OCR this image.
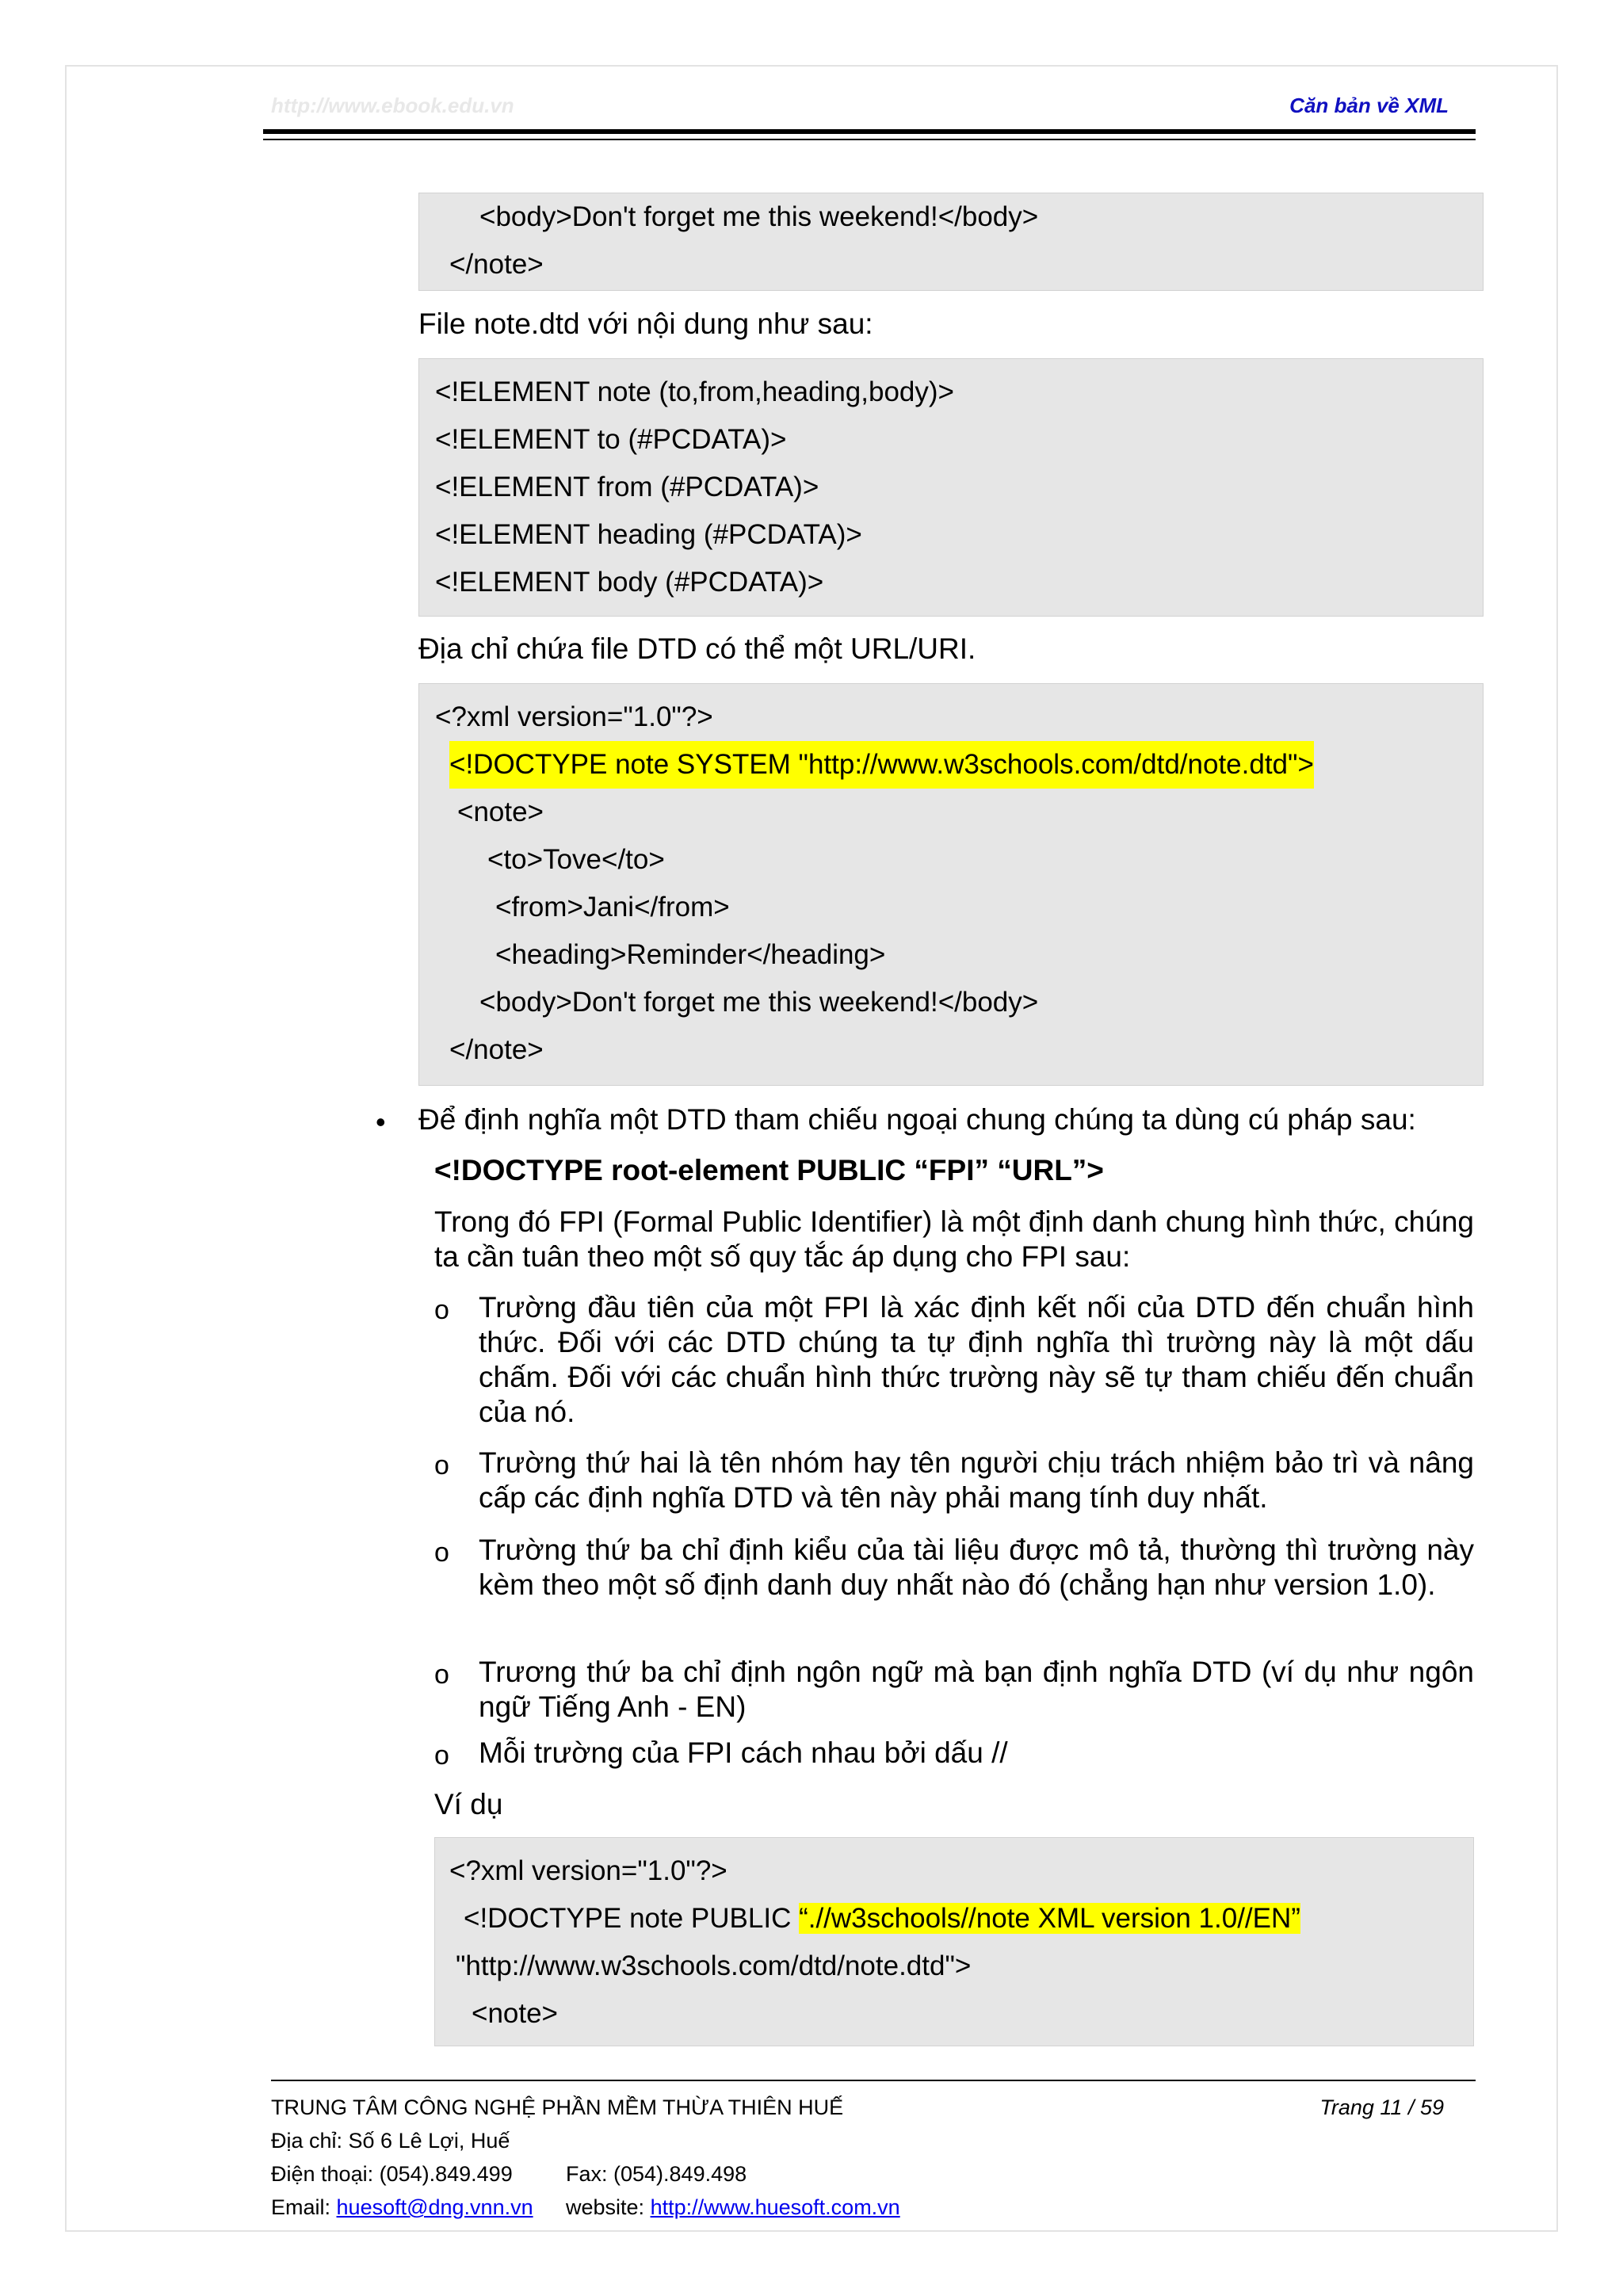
http://www.ebook.edu.vn	Căn bản về XML
<body>Don't forget me this weekend!</body>
</note>
File note.dtd với nội dung như sau:
<!ELEMENT note (to,from,heading,body)>
<!ELEMENT to (#PCDATA)>
<!ELEMENT from (#PCDATA)>
<!ELEMENT heading (#PCDATA)>
<!ELEMENT body (#PCDATA)>
Địa chỉ chứa file DTD có thể một URL/URI.
<?xml version="1.0"?>
<!DOCTYPE note SYSTEM "http://www.w3schools.com/dtd/note.dtd">
<note>
<to>Tove</to>
<from>Jani</from>
<heading>Reminder</heading>
<body>Don't forget me this weekend!</body>
</note>
• Để định nghĩa một DTD tham chiếu ngoại chung chúng ta dùng cú pháp sau:
<!DOCTYPE root-element PUBLIC “FPI” “URL”>
Trong đó FPI (Formal Public Identifier) là một định danh chung hình thức, chúng ta cần tuân theo một số quy tắc áp dụng cho FPI sau:
o Trường đầu tiên của một FPI là xác định kết nối của DTD đến chuẩn hình thức. Đối với các DTD chúng ta tự định nghĩa thì trường này là một dấu chấm. Đối với các chuẩn hình thức trường này sẽ tự tham chiếu đến chuẩn của nó.
o Trường thứ hai là tên nhóm hay tên người chịu trách nhiệm bảo trì và nâng cấp các định nghĩa DTD và tên này phải mang tính duy nhất.
o Trường thứ ba chỉ định kiểu của tài liệu được mô tả, thường thì trường này kèm theo một số định danh duy nhất nào đó (chẳng hạn như version 1.0).
o Trương thứ ba chỉ định ngôn ngữ mà bạn định nghĩa DTD (ví dụ như ngôn ngữ Tiếng Anh - EN)
o Mỗi trường của FPI cách nhau bởi dấu //
Ví dụ
<?xml version="1.0"?>
<!DOCTYPE note PUBLIC “.//w3schools//note XML version 1.0//EN”
"http://www.w3schools.com/dtd/note.dtd">
<note>
TRUNG TÂM CÔNG NGHỆ PHẦN MỀM THỪA THIÊN HUẾ	Trang 11 / 59
Địa chỉ: Số 6 Lê Lợi, Huế
Điện thoại: (054).849.499 Fax: (054).849.498
Email: huesoft@dng.vnn.vn website: http://www.huesoft.com.vn
